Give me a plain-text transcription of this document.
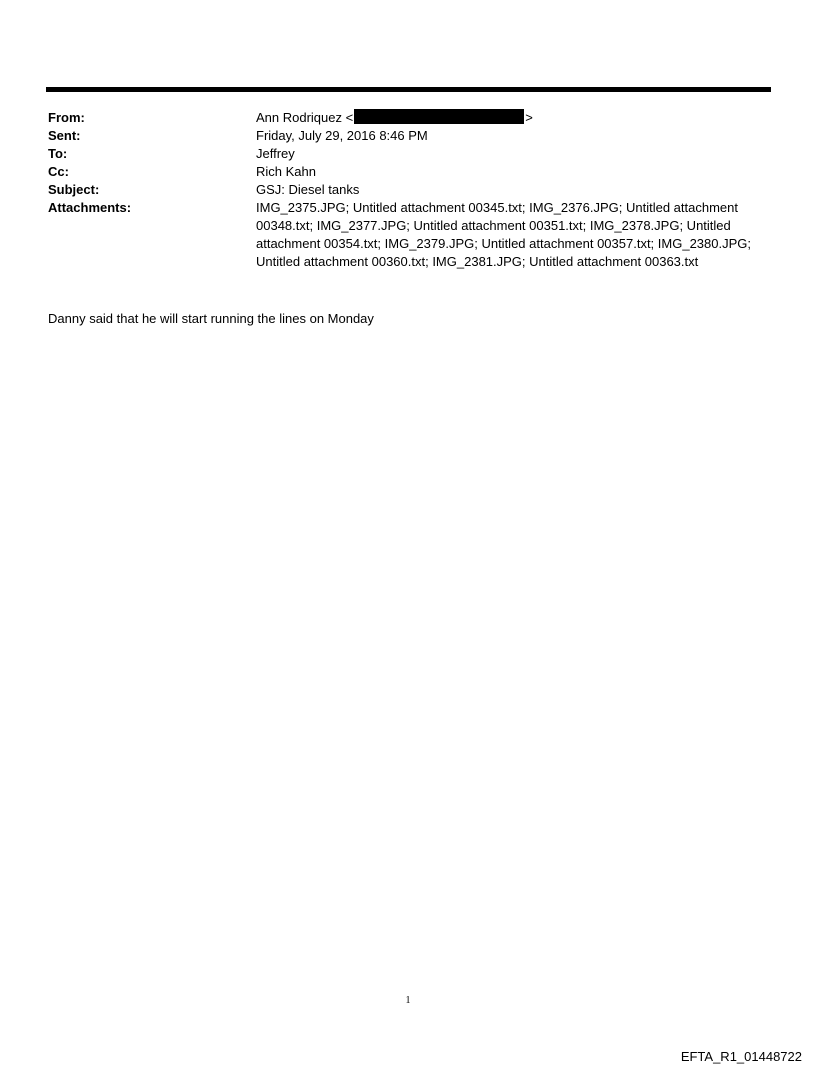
From:	Ann Rodriquez <	>
Sent:	Friday, July 29, 2016 8:46 PM
To:	Jeffrey
Cc:	Rich Kahn
Subject:	GSJ: Diesel tanks
Attachments:	IMG_2375.JPG; Untitled attachment 00345.txt; IMG_2376.JPG; Untitled attachment 00348.txt; IMG_2377.JPG; Untitled attachment 00351.txt; IMG_2378.JPG; Untitled attachment 00354.txt; IMG_2379.JPG; Untitled attachment 00357.txt; IMG_2380.JPG; Untitled attachment 00360.txt; IMG_2381.JPG; Untitled attachment 00363.txt
Danny said that he will start running the lines on Monday
1
EFTA_R1_01448722
